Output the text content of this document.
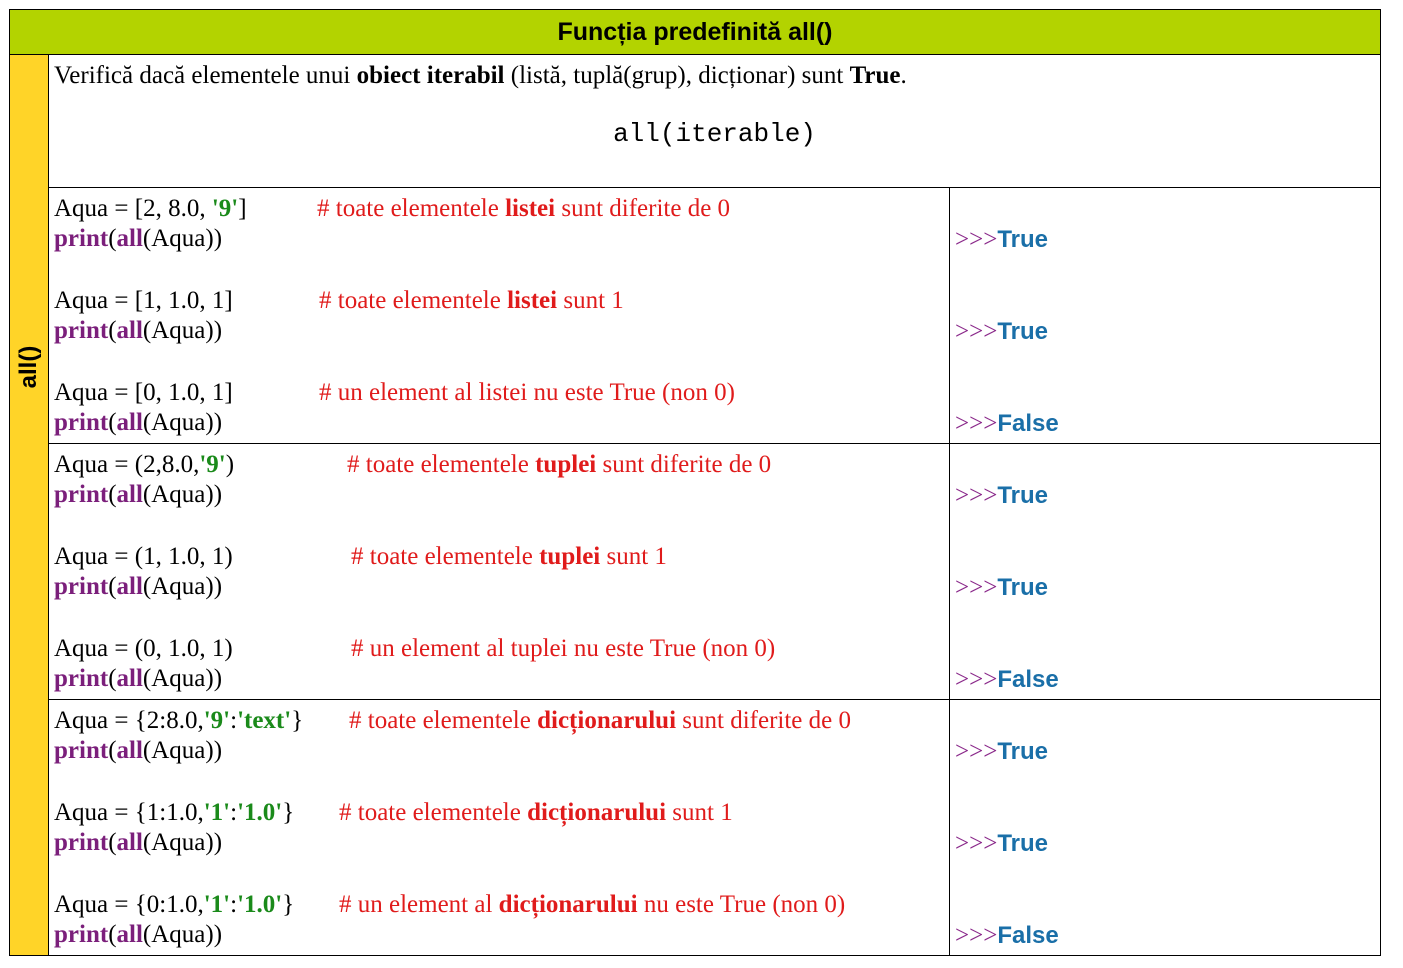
Funcția predefinită all()
all()
Verifică dacă elementele unui obiect iterabil (listă, tuplă(grup), dicționar) sunt True.
all(iterable)
Aqua = [2, 8.0, '9']
print(all(Aqua))
# toate elementele listei sunt diferite de 0
>>>True
Aqua = [1, 1.0, 1]
print(all(Aqua))
# toate elementele listei sunt 1
>>>True
Aqua = [0, 1.0, 1]
print(all(Aqua))
# un element al listei nu este True (non 0)
>>>False
Aqua = (2,8.0,'9')
print(all(Aqua))
# toate elementele tuplei sunt diferite de 0
>>>True
Aqua = (1, 1.0, 1)
print(all(Aqua))
# toate elementele tuplei sunt 1
>>>True
Aqua = (0, 1.0, 1)
print(all(Aqua))
# un element al tuplei nu este True (non 0)
>>>False
Aqua = {2:8.0,'9':'text'}
print(all(Aqua))
# toate elementele dicționarului sunt diferite de 0
>>>True
Aqua = {1:1.0,'1':'1.0'}
print(all(Aqua))
# toate elementele dicționarului sunt 1
>>>True
Aqua = {0:1.0,'1':'1.0'}
print(all(Aqua))
# un element al dicționarului nu este True (non 0)
>>>False
